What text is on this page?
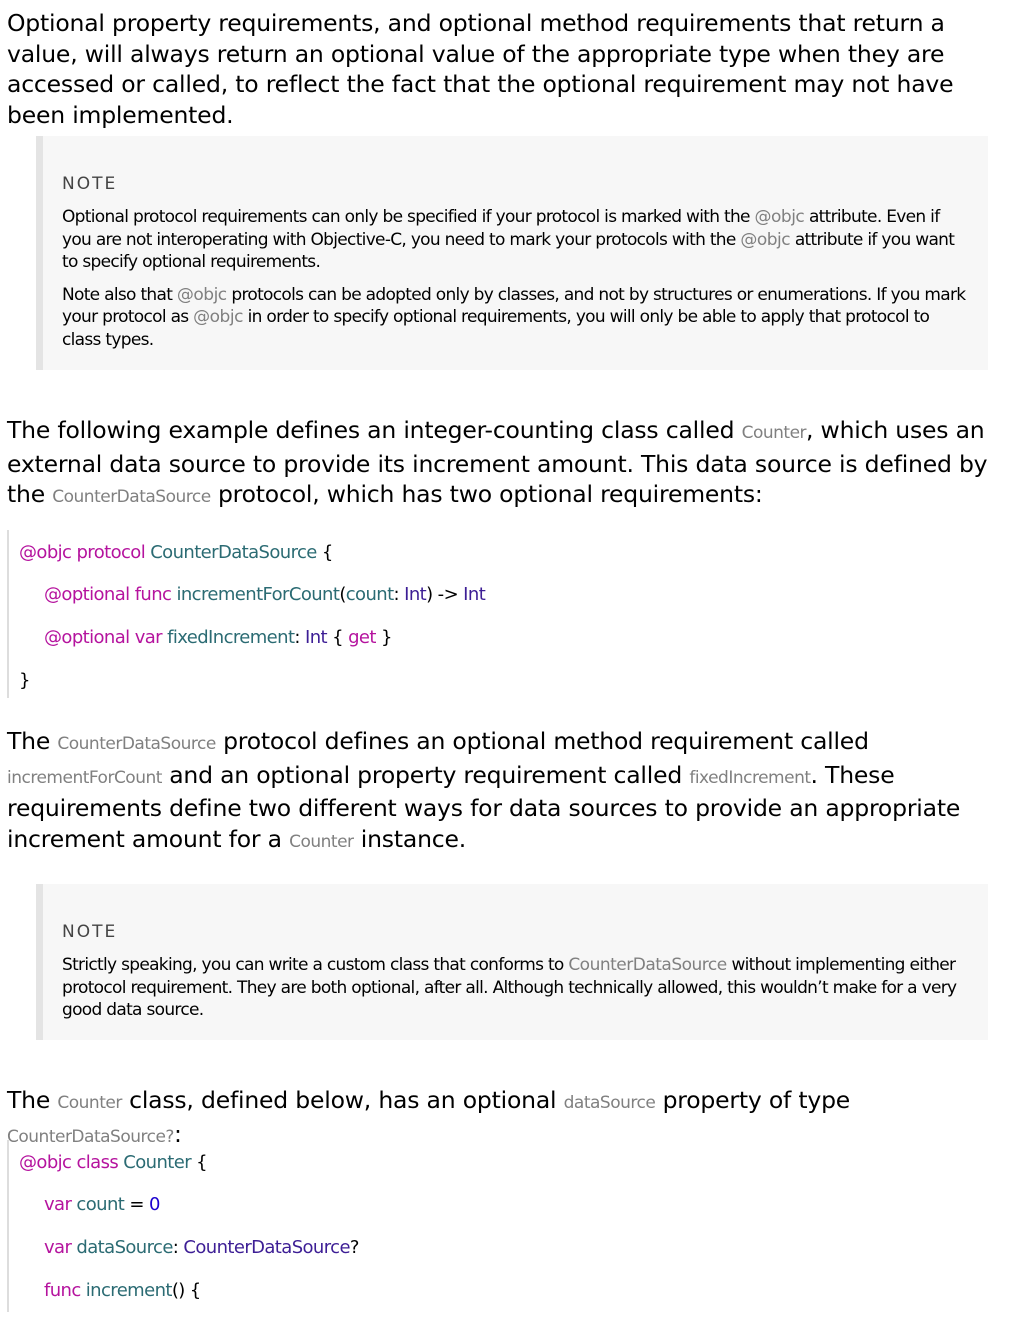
Optional property requirements, and optional method requirements that return a value, will always return an optional value of the appropriate type when they are accessed or called, to reflect the fact that the optional requirement may not have been implemented.

NOTE

Optional protocol requirements can only be specified if your protocol is marked with the @objc attribute. Even if you are not interoperating with Objective-C, you need to mark your protocols with the @objc attribute if you want to specify optional requirements.

Note also that @objc protocols can be adopted only by classes, and not by structures or enumerations. If you mark your protocol as @objc in order to specify optional requirements, you will only be able to apply that protocol to class types.

The following example defines an integer-counting class called Counter, which uses an external data source to provide its increment amount. This data source is defined by the CounterDataSource protocol, which has two optional requirements:

@objc protocol CounterDataSource {
@optional func incrementForCount(count: Int) -> Int
@optional var fixedIncrement: Int { get }
}

The CounterDataSource protocol defines an optional method requirement called incrementForCount and an optional property requirement called fixedIncrement. These requirements define two different ways for data sources to provide an appropriate increment amount for a Counter instance.

NOTE

Strictly speaking, you can write a custom class that conforms to CounterDataSource without implementing either protocol requirement. They are both optional, after all. Although technically allowed, this wouldn’t make for a very good data source.

The Counter class, defined below, has an optional dataSource property of type CounterDataSource?:

@objc class Counter {
var count = 0
var dataSource: CounterDataSource?
func increment() {
